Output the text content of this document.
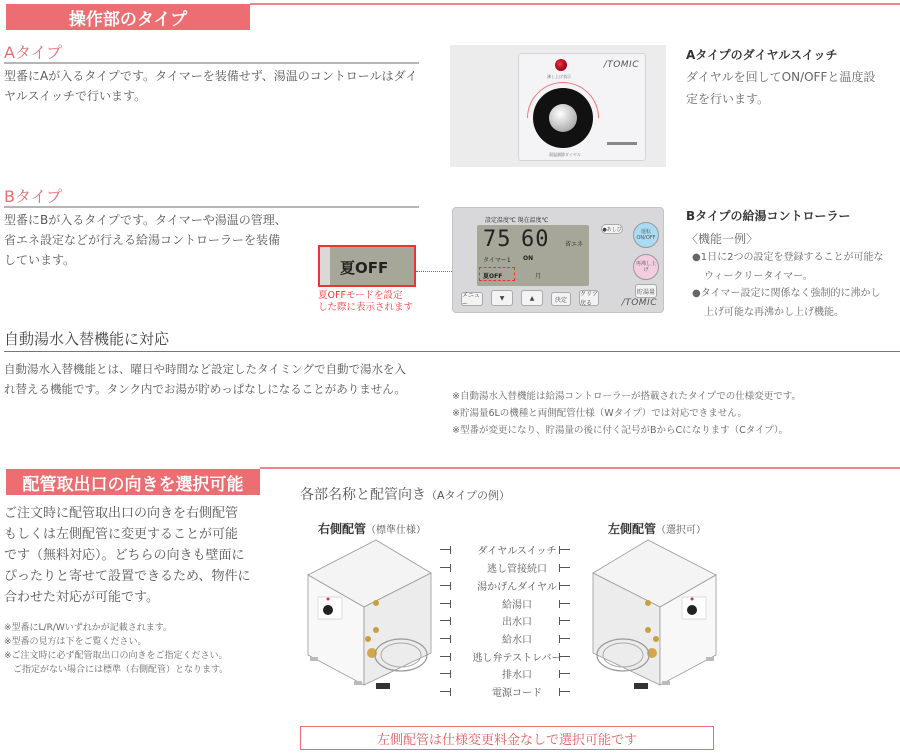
操作部のタイプ
Aタイプ
型番にAが入るタイプです。タイマーを装備せず、湯温のコントロールはダイ
ヤルスイッチで行います。
沸し上げ表示
/TOMIC
湯温調節ダイヤル
Aタイプのダイヤルスイッチ
ダイヤルを回してON/OFFと温度設
定を行います。
Bタイプ
型番にBが入るタイプです。タイマーや湯温の管理、
省エネ設定などが行える給湯コントローラーを装備
しています。	夏OFF
夏OFFモードを設定
した際に表示されます
設定温度℃ 現在温度℃
75 60	省エネ
タイマー1 ON
夏OFF	月
メニュー
▼	▲	決定
クリア戻る
●あしび	運転 ON/OFF
再沸し上げ
貯湯量
/TOMIC
Bタイプの給湯コントローラー
〈機能一例〉
●1日に2つの設定を登録することが可能な
ウィークリータイマー。
●タイマー設定に関係なく強制的に沸かし
上げ可能な再沸かし上げ機能。
自動湯水入替機能に対応
自動湯水入替機能とは、曜日や時間など設定したタイミングで自動で湯水を入
れ替える機能です。タンク内でお湯が貯めっぱなしになることがありません。
※自動湯水入替機能は給湯コントローラーが搭載されたタイプでの仕様変更です。
※貯湯量6Lの機種と両側配管仕様（Wタイプ）では対応できません。
※型番が変更になり、貯湯量の後に付く記号がBからCになります（Cタイプ）。
配管取出口の向きを選択可能
ご注文時に配管取出口の向きを右側配管
もしくは左側配管に変更することが可能
です（無料対応）。どちらの向きも壁面に
ぴったりと寄せて設置できるため、物件に
合わせた対応が可能です。
※型番にL/R/Wいずれかが記載されます。
※型番の見方は下をご覧ください。
※ご注文時に必ず配管取出口の向きをご指定ください。
　ご指定がない場合には標準（右側配管）となります。
各部名称と配管向き（Aタイプの例）
右側配管（標準仕様）	左側配管（選択可）
ダイヤルスイッチ
逃し管接続口
湯かげんダイヤル
給湯口
出水口
給水口
逃し弁テストレバー
排水口
電源コード
左側配管は仕様変更料金なしで選択可能です
